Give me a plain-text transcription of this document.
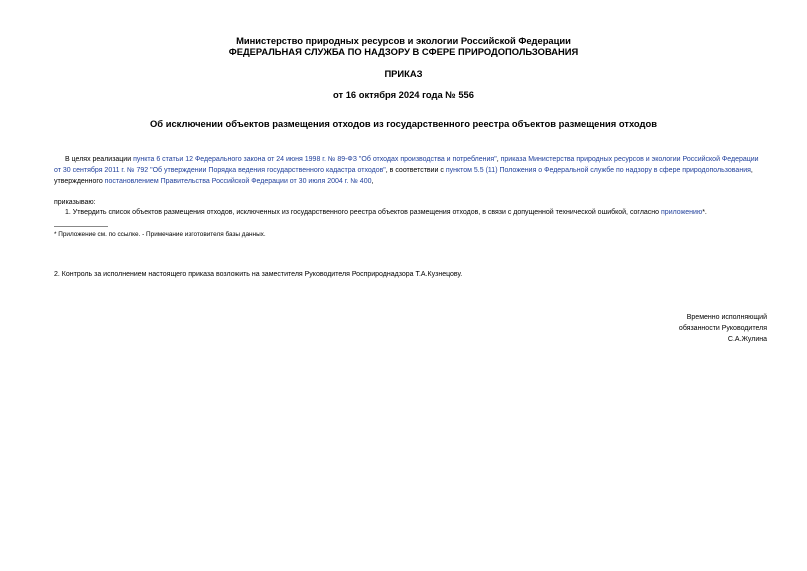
Министерство природных ресурсов и экологии Российской Федерации
ФЕДЕРАЛЬНАЯ СЛУЖБА ПО НАДЗОРУ В СФЕРЕ ПРИРОДОПОЛЬЗОВАНИЯ
ПРИКАЗ
от 16 октября 2024 года № 556
Об исключении объектов размещения отходов из государственного реестра объектов размещения отходов
В целях реализации пункта 6 статьи 12 Федерального закона от 24 июня 1998 г. № 89-ФЗ "Об отходах производства и потребления", приказа Министерства природных ресурсов и экологии Российской Федерации
от 30 сентября 2011 г. № 792 "Об утверждении Порядка ведения государственного кадастра отходов", в соответствии с пунктом 5.5 (11) Положения о Федеральной службе по надзору в сфере природопользования,
утвержденного постановлением Правительства Российской Федерации от 30 июля 2004 г. № 400,
приказываю:
1. Утвердить список объектов размещения отходов, исключенных из государственного реестра объектов размещения отходов, в связи с допущенной технической ошибкой, согласно приложению*.
* Приложение см. по ссылке. - Примечание изготовителя базы данных.
2. Контроль за исполнением настоящего приказа возложить на заместителя Руководителя Росприроднадзора Т.А.Кузнецову.
Временно исполняющий
обязанности Руководителя
С.А.Жулина
